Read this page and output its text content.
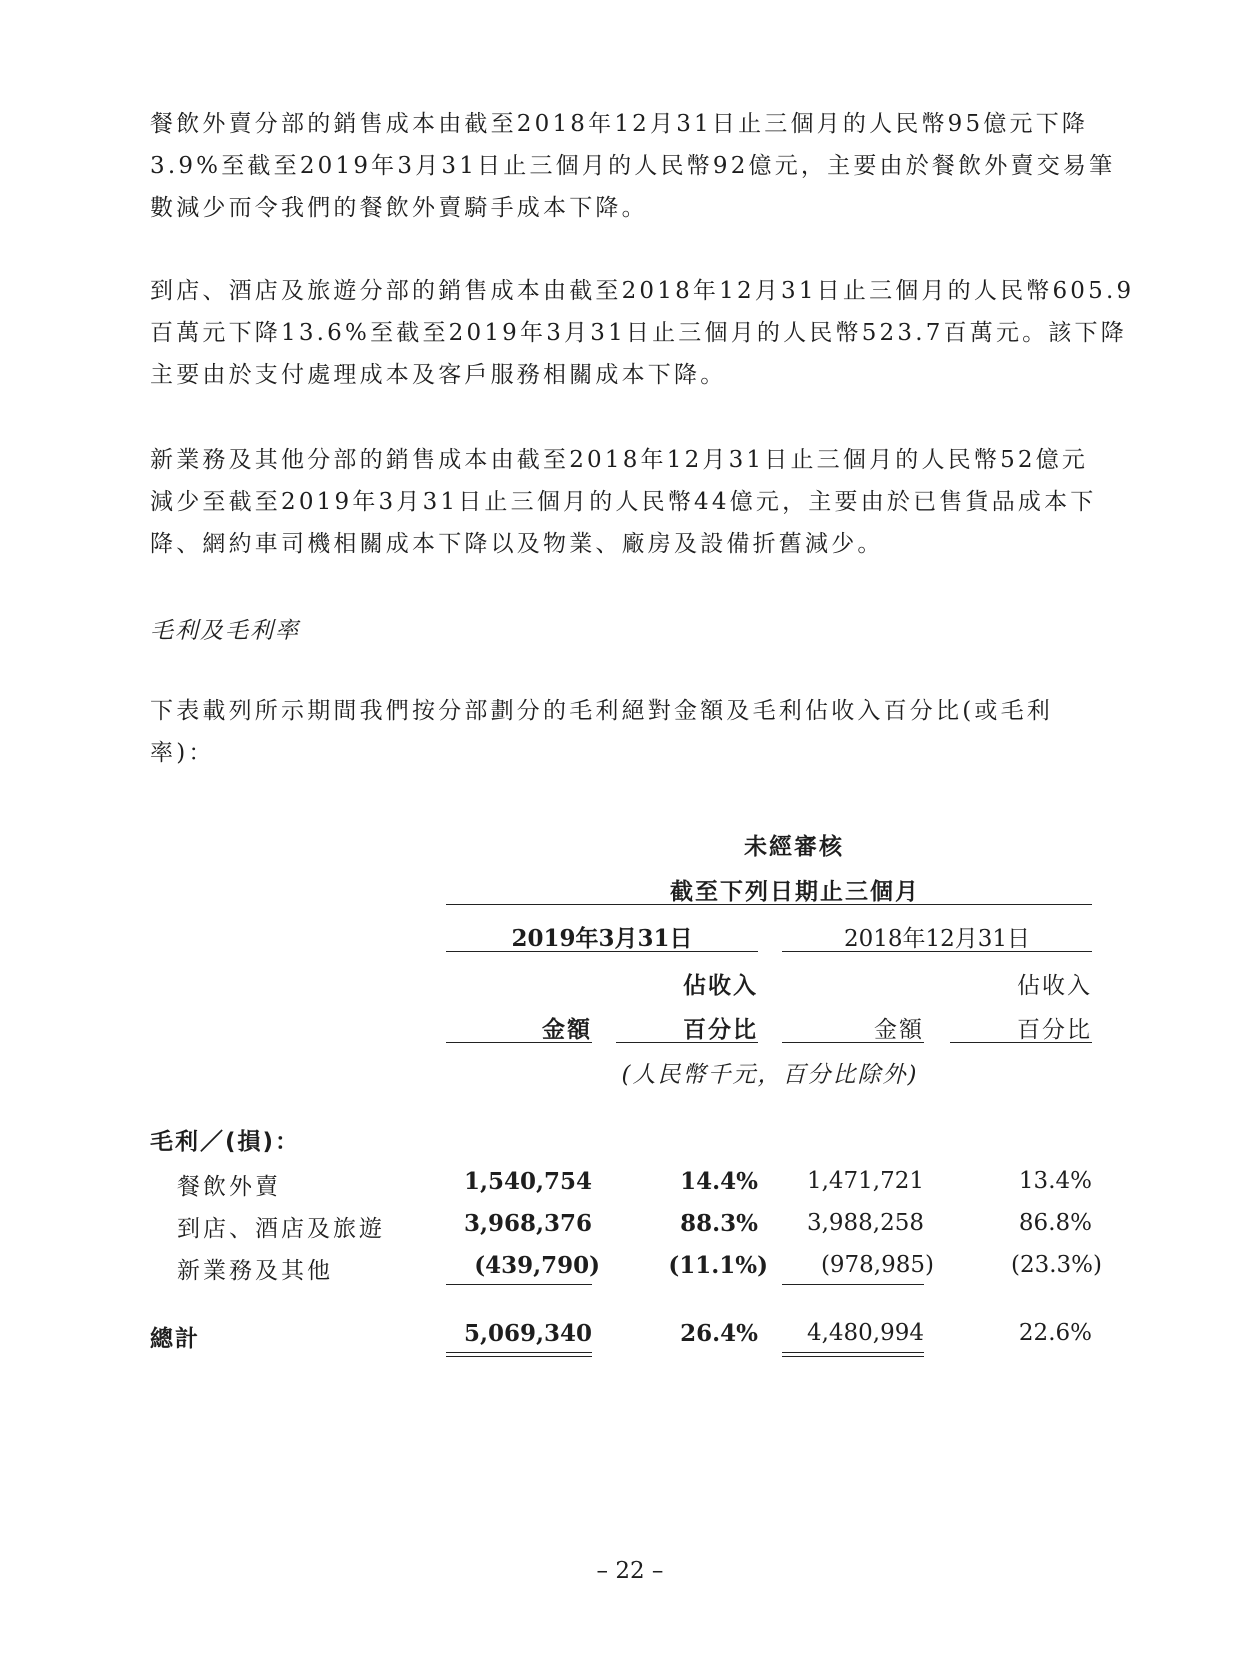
餐飲外賣分部的銷售成本由截至2018年12月31日止三個月的人民幣95億元下降
3.9%至截至2019年3月31日止三個月的人民幣92億元，主要由於餐飲外賣交易筆
數減少而令我們的餐飲外賣騎手成本下降。
到店、酒店及旅遊分部的銷售成本由截至2018年12月31日止三個月的人民幣605.9
百萬元下降13.6%至截至2019年3月31日止三個月的人民幣523.7百萬元。該下降
主要由於支付處理成本及客戶服務相關成本下降。
新業務及其他分部的銷售成本由截至2018年12月31日止三個月的人民幣52億元
減少至截至2019年3月31日止三個月的人民幣44億元，主要由於已售貨品成本下
降、網約車司機相關成本下降以及物業、廠房及設備折舊減少。
毛利及毛利率
下表載列所示期間我們按分部劃分的毛利絕對金額及毛利佔收入百分比(或毛利
率)：
未經審核
截至下列日期止三個月
2019年3月31日	2018年12月31日
佔收入	佔收入
金額	百分比	金額	百分比
(人民幣千元，百分比除外)
毛利／(損)：
餐飲外賣	1,540,754	14.4%	1,471,721	13.4%
到店、酒店及旅遊	3,968,376	88.3%	3,988,258	86.8%
新業務及其他	(439,790)	(11.1%)	(978,985)	(23.3%)
總計	5,069,340	26.4%	4,480,994	22.6%
– 22 –
